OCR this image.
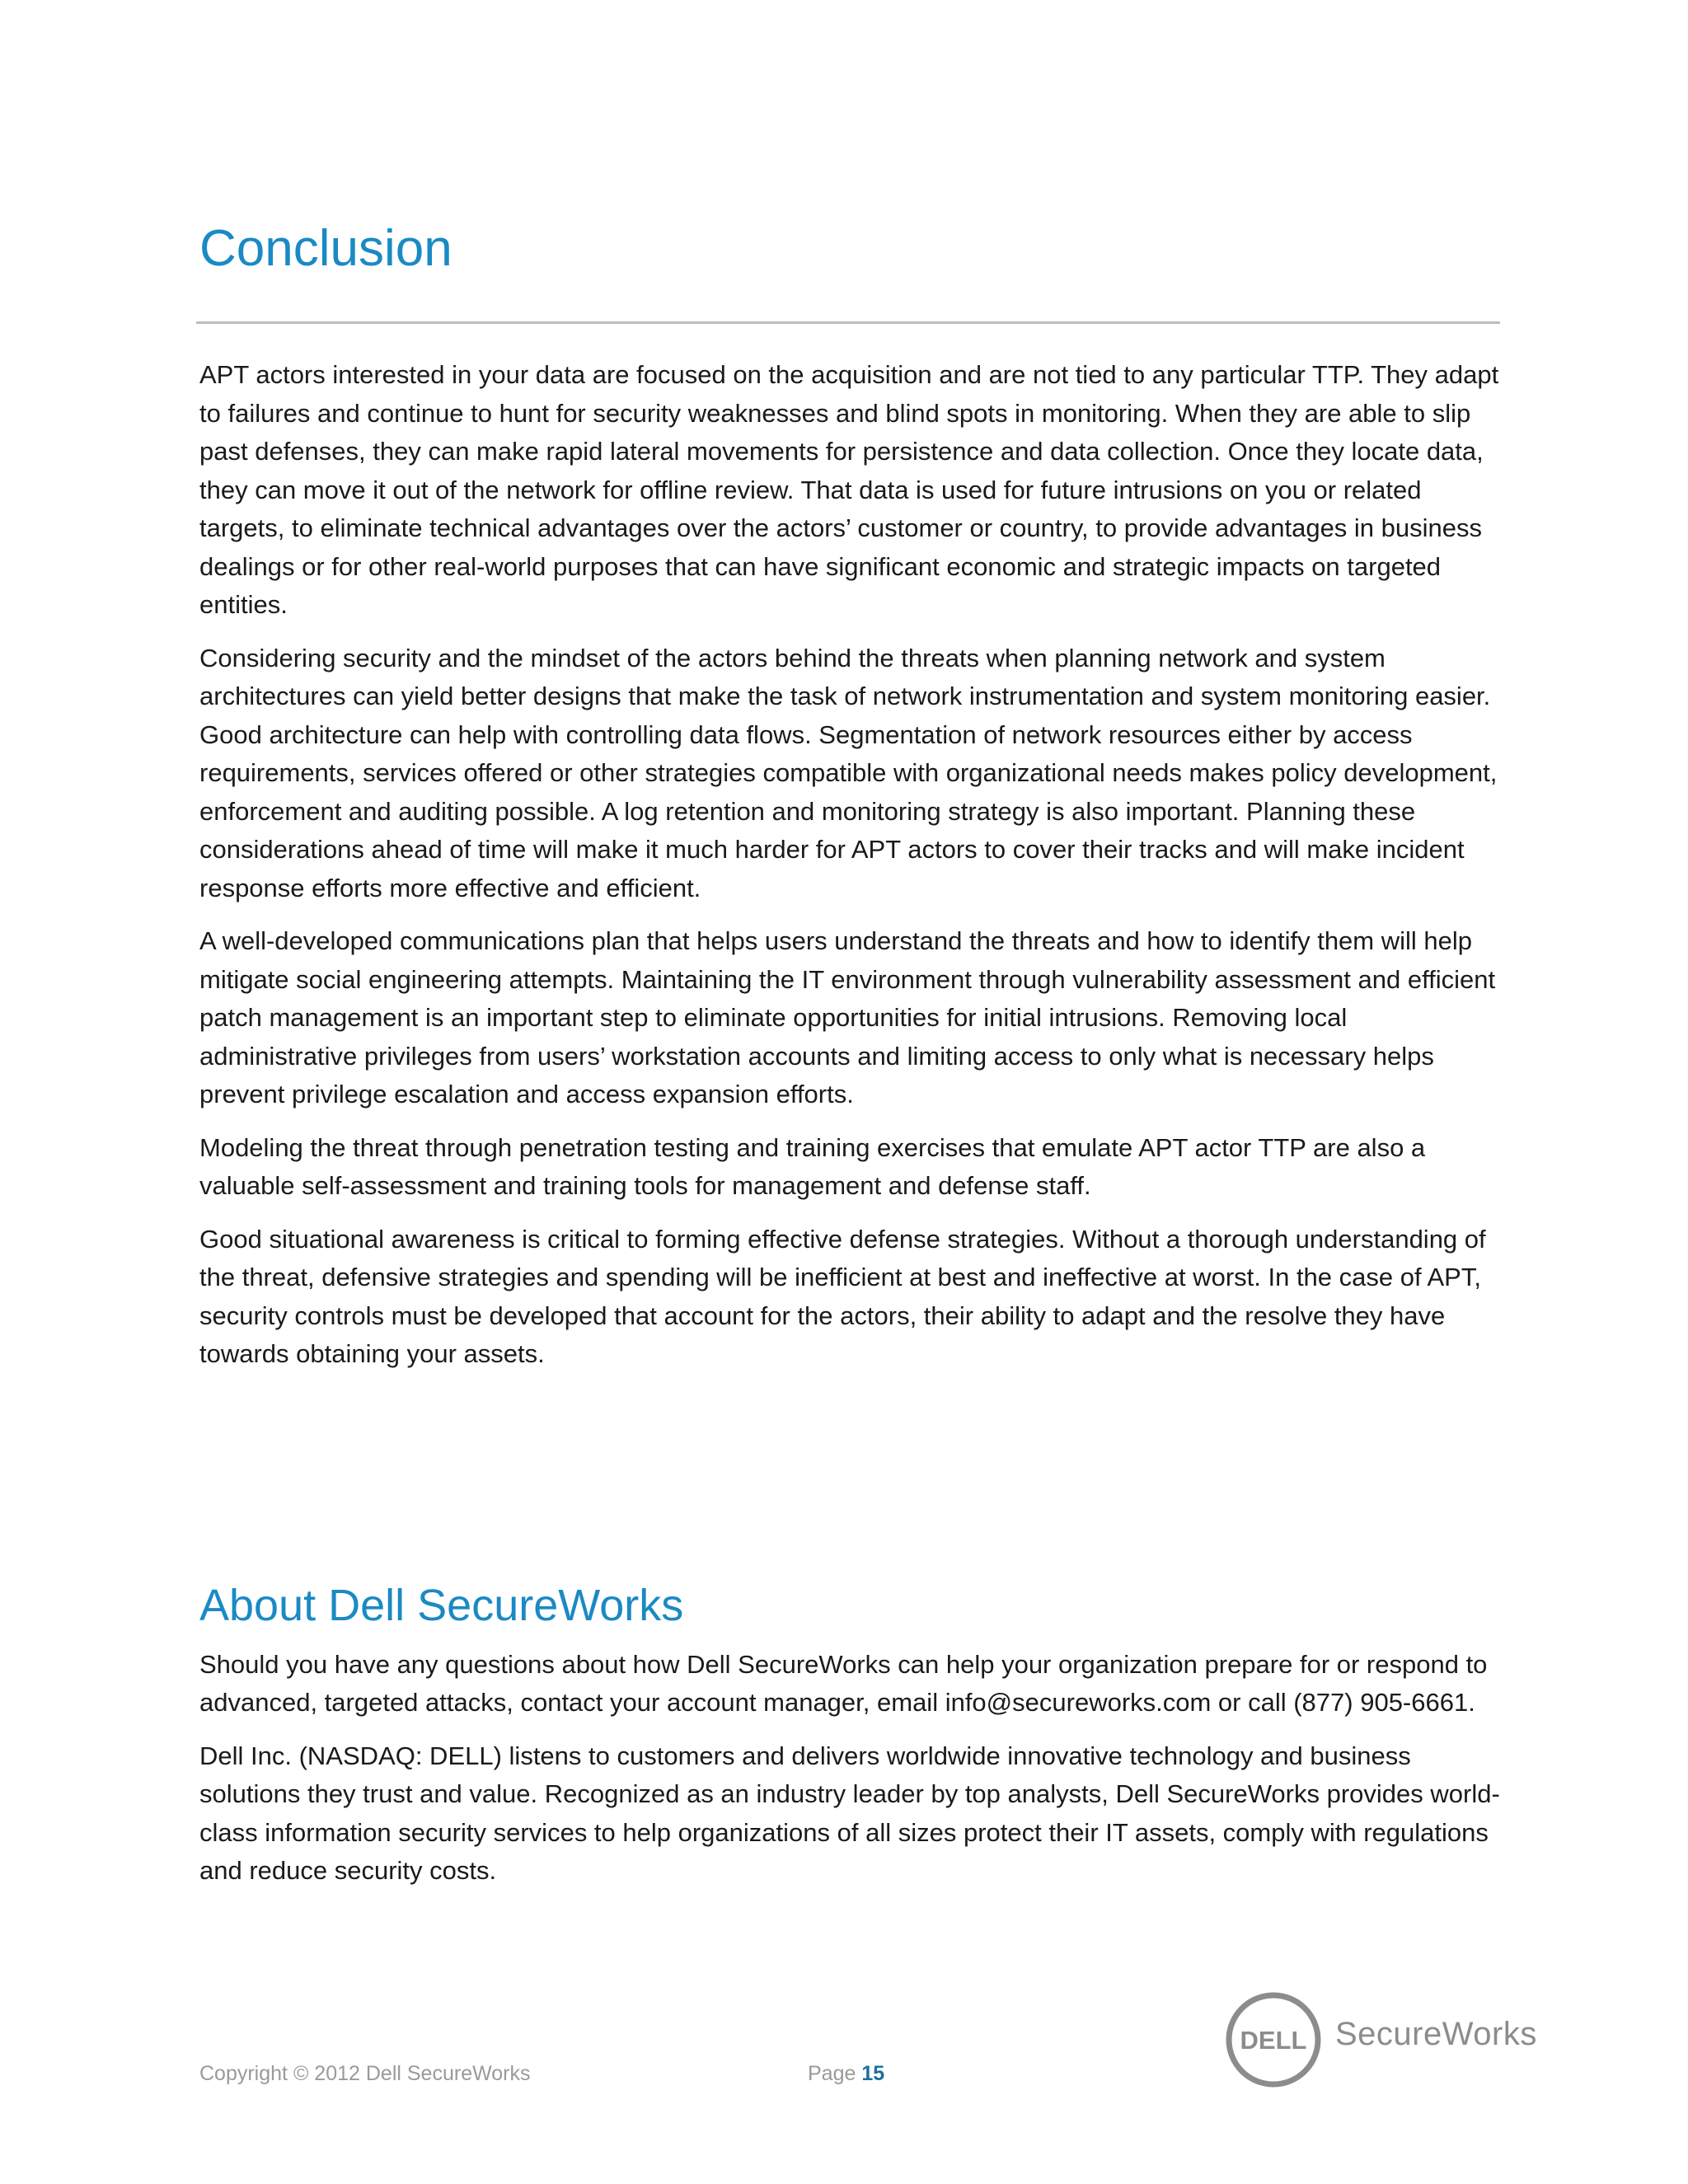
Conclusion

APT actors interested in your data are focused on the acquisition and are not tied to any particular TTP. They adapt to failures and continue to hunt for security weaknesses and blind spots in monitoring. When they are able to slip past defenses, they can make rapid lateral movements for persistence and data collection. Once they locate data, they can move it out of the network for offline review. That data is used for future intrusions on you or related targets, to eliminate technical advantages over the actors’ customer or country, to provide advantages in business dealings or for other real-world purposes that can have significant economic and strategic impacts on targeted entities.

Considering security and the mindset of the actors behind the threats when planning network and system architectures can yield better designs that make the task of network instrumentation and system monitoring easier. Good architecture can help with controlling data flows. Segmentation of network resources either by access requirements, services offered or other strategies compatible with organizational needs makes policy development, enforcement and auditing possible. A log retention and monitoring strategy is also important. Planning these considerations ahead of time will make it much harder for APT actors to cover their tracks and will make incident response efforts more effective and efficient.

A well-developed communications plan that helps users understand the threats and how to identify them will help mitigate social engineering attempts. Maintaining the IT environment through vulnerability assessment and efficient patch management is an important step to eliminate opportunities for initial intrusions. Removing local administrative privileges from users’ workstation accounts and limiting access to only what is necessary helps prevent privilege escalation and access expansion efforts.

Modeling the threat through penetration testing and training exercises that emulate APT actor TTP are also a valuable self-assessment and training tools for management and defense staff.

Good situational awareness is critical to forming effective defense strategies. Without a thorough understanding of the threat, defensive strategies and spending will be inefficient at best and ineffective at worst. In the case of APT, security controls must be developed that account for the actors, their ability to adapt and the resolve they have towards obtaining your assets.

About Dell SecureWorks

Should you have any questions about how Dell SecureWorks can help your organization prepare for or respond to advanced, targeted attacks, contact your account manager, email info@secureworks.com or call (877) 905-6661.

Dell Inc. (NASDAQ: DELL) listens to customers and delivers worldwide innovative technology and business solutions they trust and value. Recognized as an industry leader by top analysts, Dell SecureWorks provides world-class information security services to help organizations of all sizes protect their IT assets, comply with regulations and reduce security costs.

DELL SecureWorks
Copyright © 2012 Dell SecureWorks	Page 15
